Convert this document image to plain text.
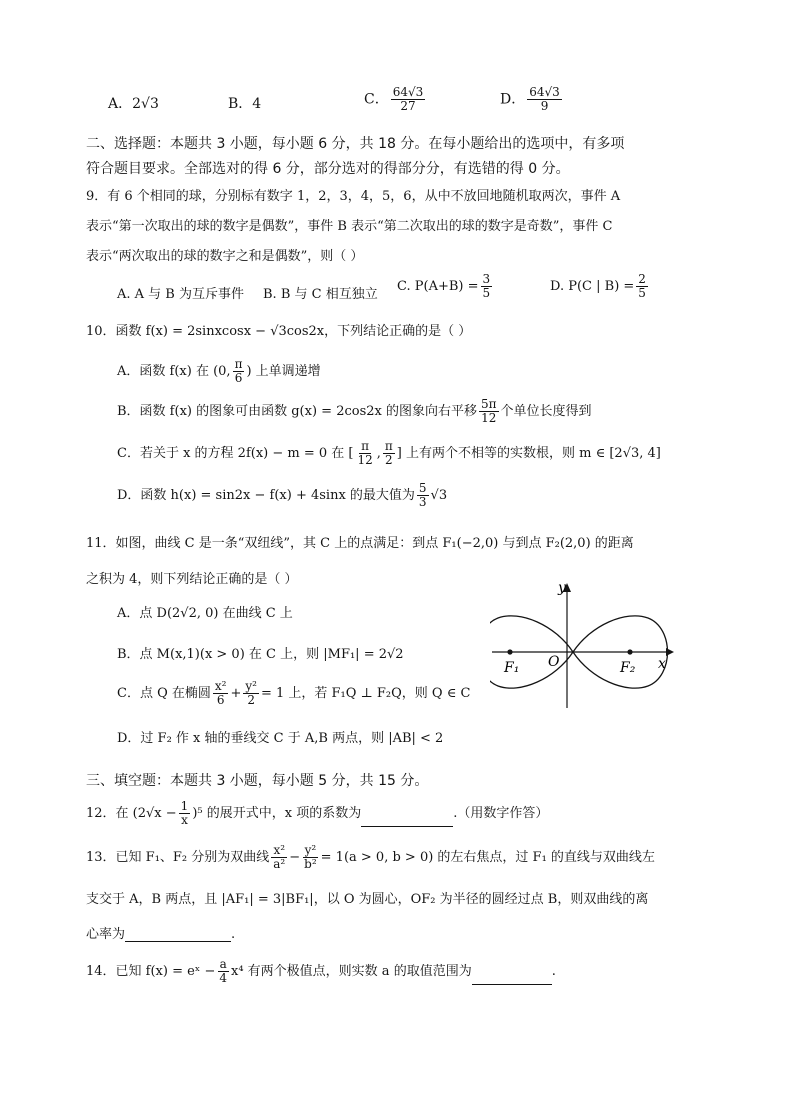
A．2√3	B．4	C． $\frac{64√3}{27}$	D． $\frac{64√3}{9}$
二、选择题：本题共 3 小题，每小题 6 分，共 18 分。在每小题给出的选项中，有多项
符合题目要求。全部选对的得 6 分，部分选对的得部分分，有选错的得 0 分。
9．有 6 个相同的球，分别标有数字 1，2，3，4，5，6，从中不放回地随机取两次，事件 A
表示“第一次取出的球的数字是偶数”，事件 B 表示“第二次取出的球的数字是奇数”，事件 C
表示“两次取出的球的数字之和是偶数”，则（ ）
A. A 与 B 为互斥事件 B. B 与 C 相互独立
C. $P(A+B) = \frac{3}{5}$	D. P(C | $B) = \frac{2}{5}$
10．函数 f(x) = 2sinxcosx − √3cos2x，下列结论正确的是（ ）
A．函数 f(x) 在 (0, $\frac{\pi}{6}$ ) 上单调递增
B．函数 f(x) 的图象可由函数 g(x) = 2cos2x 的图象向右平移 $\frac{5\pi}{12}$ 个单位长度得到
C．若关于 x 的方程 2f(x) − m = 0 在 [ $\frac{\pi}{12}$ , $\frac{\pi}{2}$ ] 上有两个不相等的实数根，则 m ∈ [2√3, 4]
D．函数 h(x) = sin2x − f(x) + 4sinx 的最大值为 $\frac{5}{3} √3$
11．如图，曲线 C 是一条“双纽线”，其 C 上的点满足：到点 F₁(−2,0) 与到点 F₂(2,0) 的距离
之积为 4，则下列结论正确的是（ ）
A．点 D(2√2, 0) 在曲线 C 上
B．点 M(x,1)(x > 0) 在 C 上，则 |MF₁| = 2√2
C．点 Q 在椭圆 $\frac{\text{x²}}{6} + \frac{\text{y²}}{2} = 1$ 上，若 F₁Q ⊥ F₂Q，则 Q ∈ C
D．过 F₂ 作 x 轴的垂线交 C 于 A,B 两点，则 |AB| < 2
y
x
O
F₁	F₂
三、填空题：本题共 3 小题，每小题 5 分，共 15 分。
12．在 $(2√x - \frac{1}{x} )^5$ 的展开式中，x 项的系数为	.（用数字作答）
13．已知 F₁、F₂ 分别为双曲线 $\frac{\text{x²}}{\text{a²}} - \frac{\text{y²}}{\text{b²}} = 1(a > 0$, b > 0) 的左右焦点，过 F₁ 的直线与双曲线左
支交于 A，B 两点，且 |AF₁| = 3|BF₁|，以 O 为圆心，OF₂ 为半径的圆经过点 B，则双曲线的离
心率为	.
14．已知 f(x) = eˣ − $\frac{a}{4} x^4$ 有两个极值点，则实数 a 的取值范围为	.
